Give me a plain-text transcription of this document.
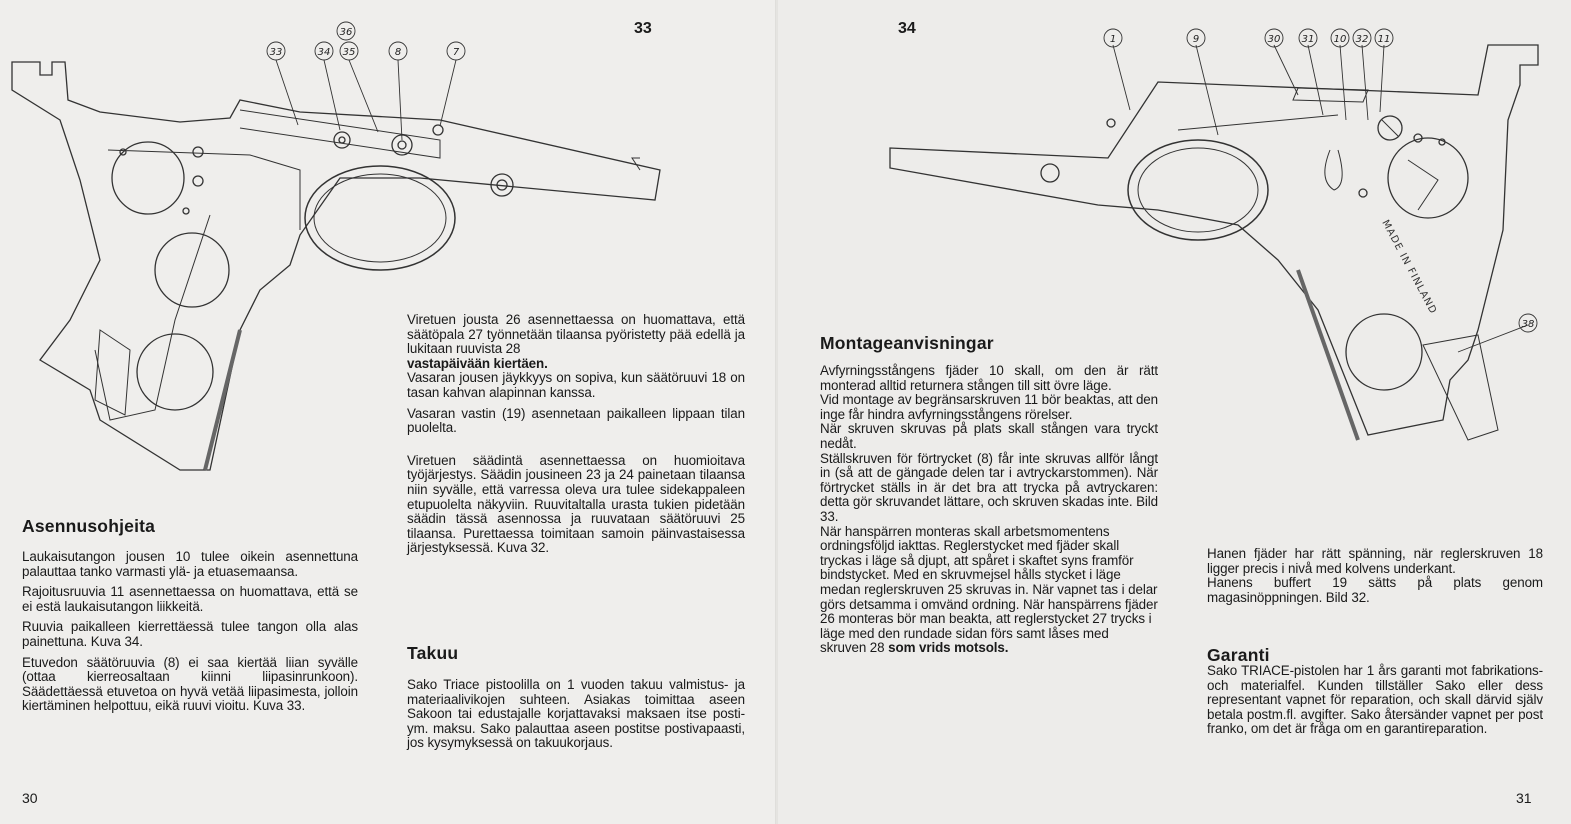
36
33	34 35	8	7
33
Asennusohjeita

Laukaisutangon jousen 10 tulee oikein asennettuna palauttaa tanko varmasti ylä- ja etuasemaansa.

Rajoitusruuvia 11 asennettaessa on huomattava, että se ei estä laukaisutangon liikkeitä.

Ruuvia paikalleen kierrettäessä tulee tangon olla alas painettuna. Kuva 34.

Etuvedon säätöruuvia (8) ei saa kiertää liian syvälle (ottaa kierreosaltaan kiinni liipasinrunkoon). Säädettäessä etuvetoa on hyvä vetää liipasimesta, jolloin kiertäminen helpottuu, eikä ruuvi vioitu. Kuva 33.

Viretuen jousta 26 asennettaessa on huomattava, että säätöpala 27 työnnetään tilaansa pyöristetty pää edellä ja lukitaan ruuvista 28

vastapäivään kiertäen.

Vasaran jousen jäykkyys on sopiva, kun säätöruuvi 18 on tasan kahvan alapinnan kanssa.

Vasaran vastin (19) asennetaan paikalleen lippaan tilan puolelta.

Viretuen säädintä asennettaessa on huomioitava työjärjestys. Säädin jousineen 23 ja 24 painetaan tilaansa niin syvälle, että varressa oleva ura tulee sidekappaleen etupuolelta näkyviin. Ruuvitaltalla urasta tukien pidetään säädin tässä asennossa ja ruuvataan säätöruuvi 25 tilaansa. Purettaessa toimitaan samoin päinvastaisessa järjestyksessä. Kuva 32.

Takuu

Sako Triace pistoolilla on 1 vuoden takuu valmistus- ja materiaalivikojen suhteen. Asiakas toimittaa aseen Sakoon tai edustajalle korjattavaksi maksaen itse posti- ym. maksu. Sako palauttaa aseen postitse postivapaasti, jos kysymyksessä on takuukorjaus.

30
1	9	30 31 10 32 11
38
MADE IN FINLAND
34
Montageanvisningar

Avfyrningsstångens fjäder 10 skall, om den är rätt monterad alltid returnera stången till sitt övre läge.

Vid montage av begränsarskruven 11 bör beaktas, att den inge får hindra avfyrningsstångens rörelser.

När skruven skruvas på plats skall stången vara tryckt nedåt.

Ställskruven för förtrycket (8) får inte skruvas allför långt in (så att de gängade delen tar i avtryckarstommen). När förtrycket ställs in är det bra att trycka på avtryckaren: detta gör skruvandet lättare, och skruven skadas inte. Bild 33.

När hanspärren monteras skall arbetsmomentens ordningsföljd iakttas. Reglerstycket med fjäder skall tryckas i läge så djupt, att spåret i skaftet syns framför bindstycket. Med en skruvmejsel hålls stycket i läge medan reglerskruven 25 skruvas in. När vapnet tas i delar görs detsamma i omvänd ordning. När hanspärrens fjäder 26 monteras bör man beakta, att reglerstycket 27 trycks i läge med den rundade sidan förs samt låses med skruven 28 som vrids motsols.

Hanen fjäder har rätt spänning, när reglerskruven 18 ligger precis i nivå med kolvens underkant.

Hanens buffert 19 sätts på plats genom magasinöppningen. Bild 32.

Garanti

Sako TRIACE-pistolen har 1 års garanti mot fabrikations- och materialfel. Kunden tillställer Sako eller dess representant vapnet för reparation, och skall därvid själv betala postm.fl. avgifter. Sako återsänder vapnet per post franko, om det är fråga om en garantireparation.

31
